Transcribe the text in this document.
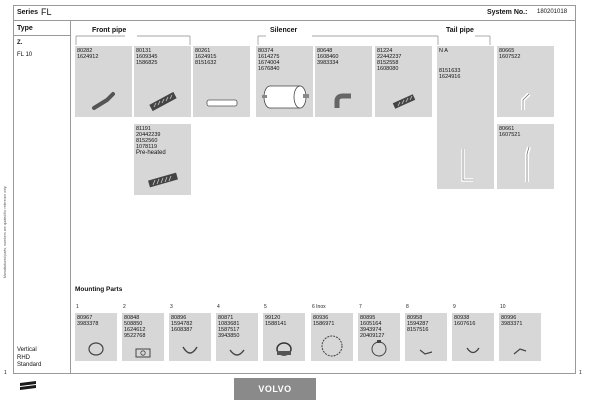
Manufactured parts, numbers are quoted for reference only.
Series FL	System No.: 180201018
Type
Z.
FL 10
Vertical
RHD
Standard
Front pipe	Silencer	Tail pipe
80282
1624912
80131
1609345
1586825
80261
1624915
8151632
80374
1614275
1674004
1676840
80648
1608460
3983334
81224
22442237
8152558
1608080
N A
8151633
1624916
80665
1607522
81191
20442239
8152560
1078119
Pre-heated
80661
1607521
Mounting Parts
1	2	3	4	5	6 Inox	7	8	9	10
80967
3983378
80848
508850
1624612
9522768
80896
1594782
1608387
80871
1083681
1587517
3943850
99120
1588141
80936
1586971
80895
1605164
3943974
20409127
80958
1594287
8157516
80938
1607616
80996
3983371
1	1
VOLVO
